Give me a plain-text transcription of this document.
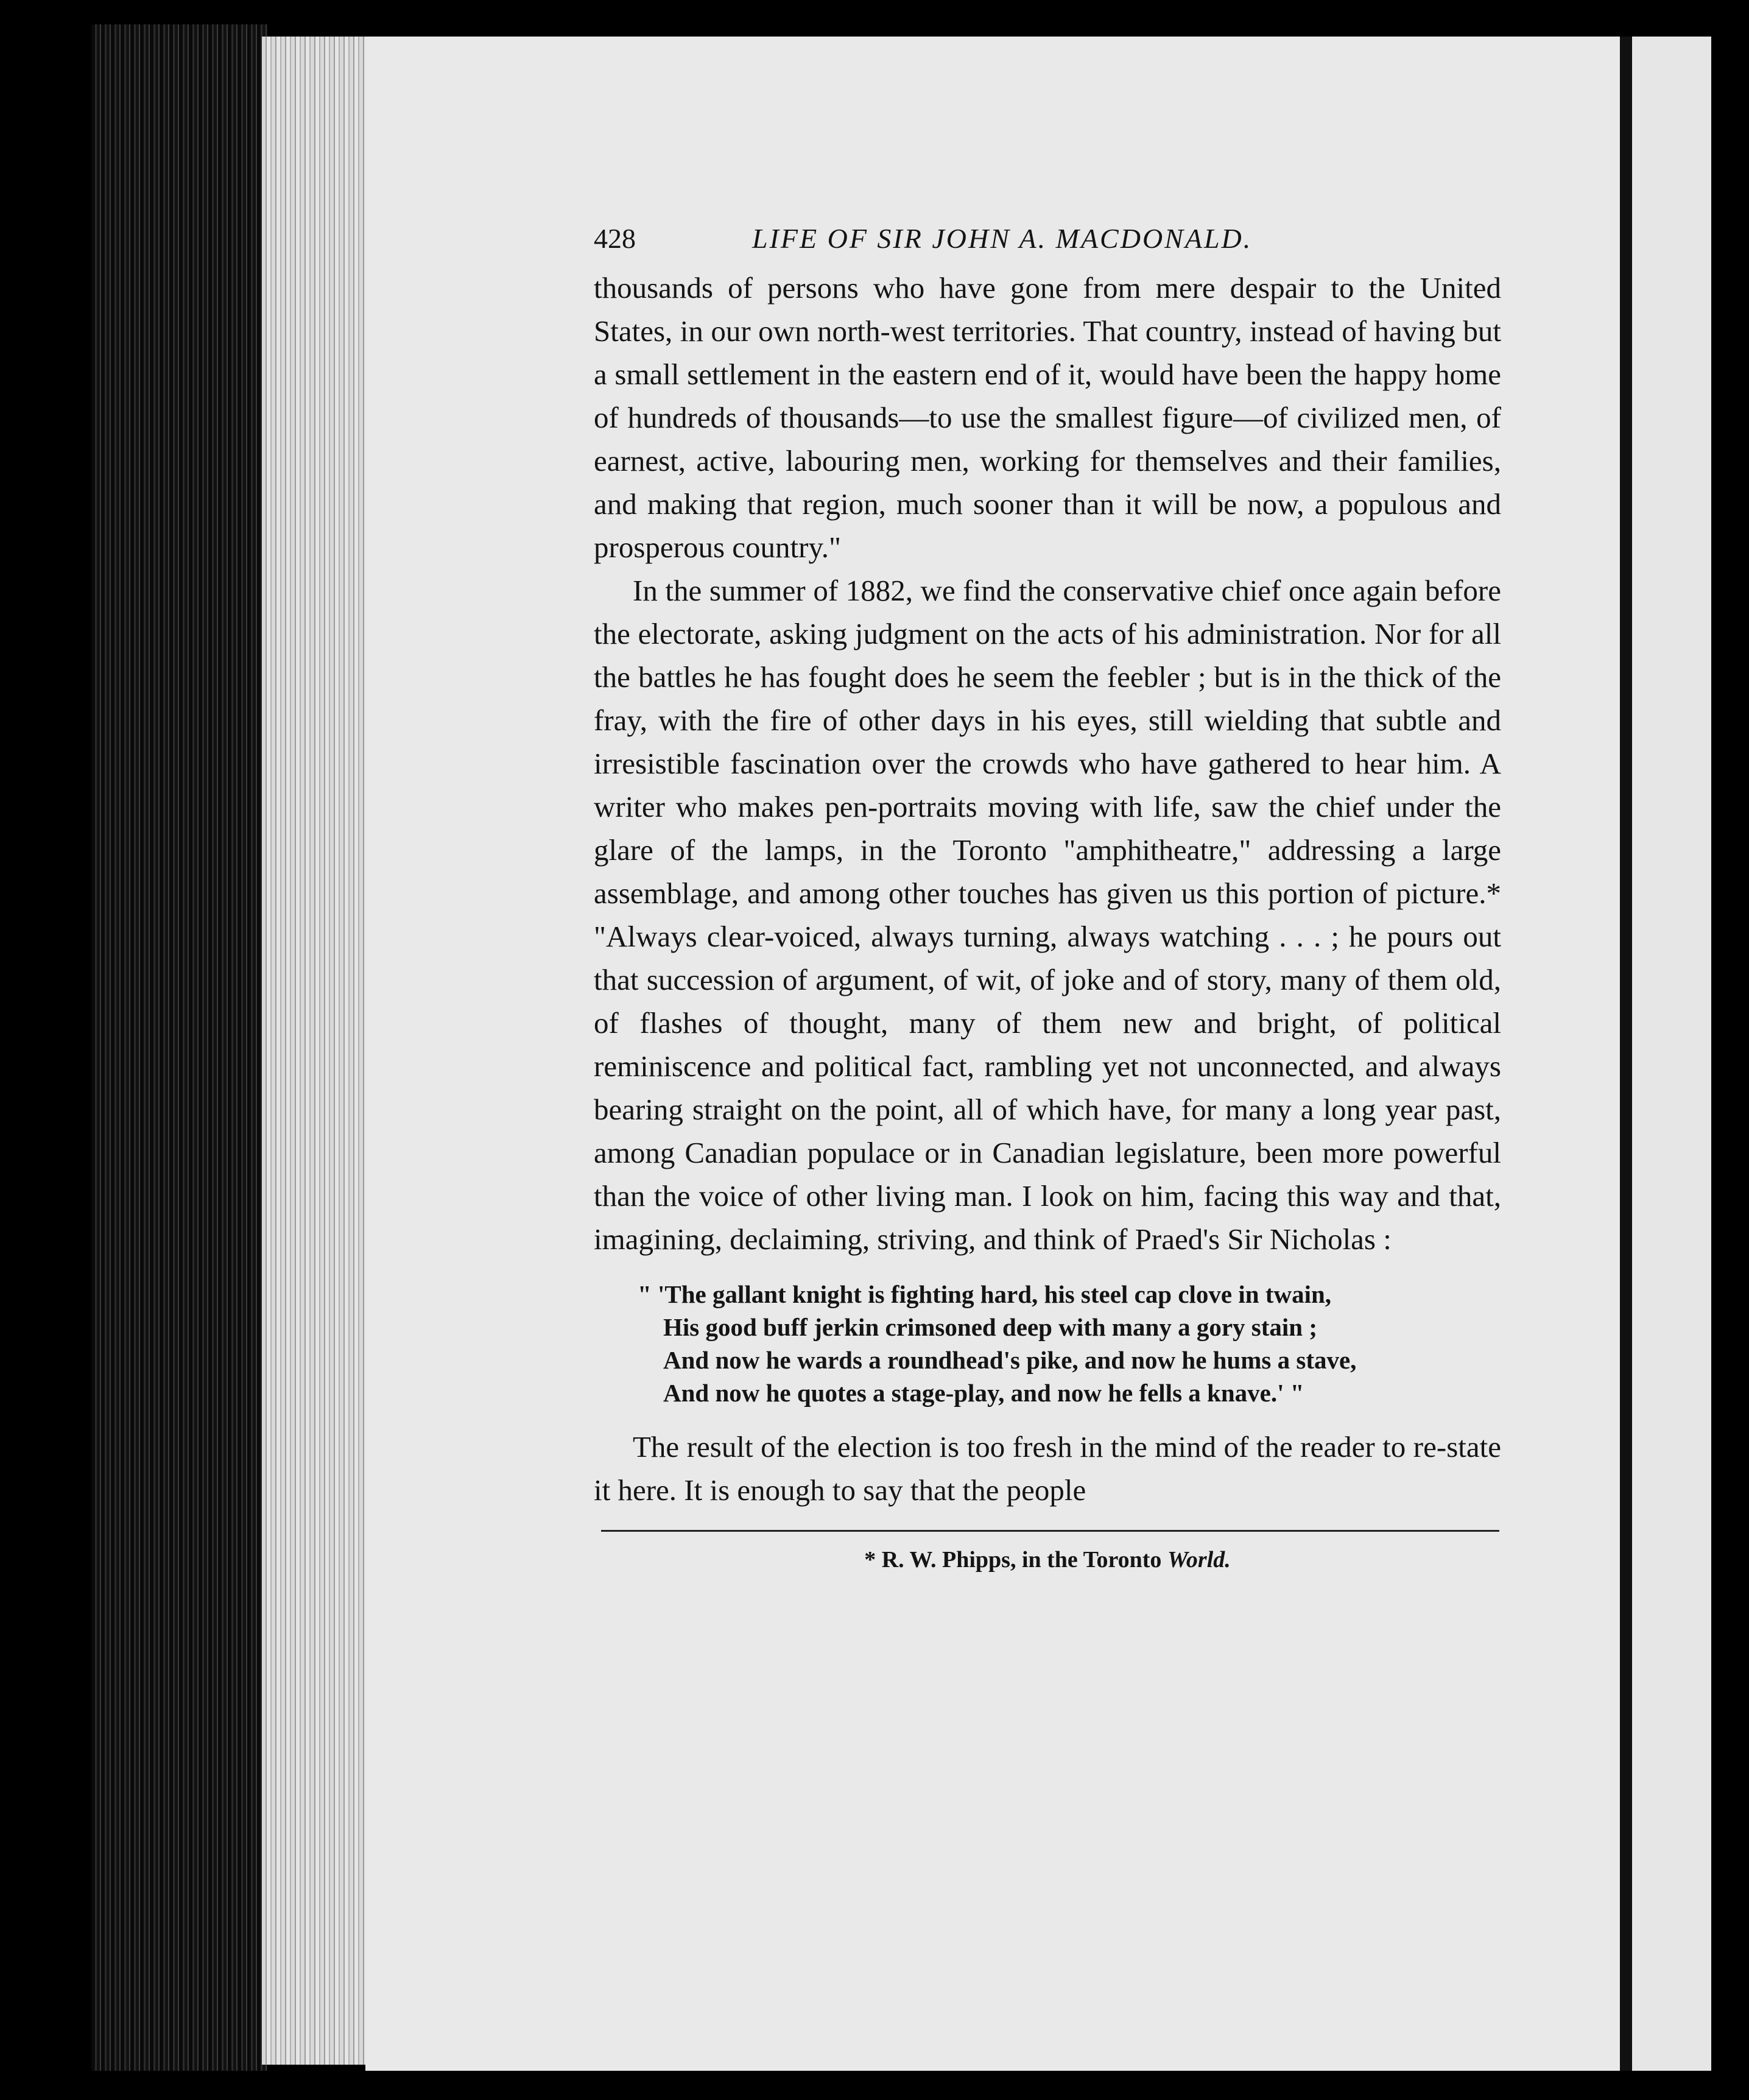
428	LIFE OF SIR JOHN A. MACDONALD.

thousands of persons who have gone from mere despair to the United States, in our own north-west territories. That country, instead of having but a small settlement in the eastern end of it, would have been the happy home of hundreds of thousands—to use the smallest figure—of civilized men, of earnest, active, labouring men, working for themselves and their families, and making that region, much sooner than it will be now, a populous and prosperous country."

In the summer of 1882, we find the conservative chief once again before the electorate, asking judgment on the acts of his administration. Nor for all the battles he has fought does he seem the feebler ; but is in the thick of the fray, with the fire of other days in his eyes, still wielding that subtle and irresistible fascination over the crowds who have gathered to hear him. A writer who makes pen-portraits moving with life, saw the chief under the glare of the lamps, in the Toronto "amphitheatre," addressing a large assemblage, and among other touches has given us this portion of picture.* "Always clear-voiced, always turning, always watching . . . ; he pours out that succession of argument, of wit, of joke and of story, many of them old, of flashes of thought, many of them new and bright, of political reminiscence and political fact, rambling yet not unconnected, and always bearing straight on the point, all of which have, for many a long year past, among Canadian populace or in Canadian legislature, been more powerful than the voice of other living man. I look on him, facing this way and that, imagining, declaiming, striving, and think of Praed's Sir Nicholas :

" 'The gallant knight is fighting hard, his steel cap clove in twain,
His good buff jerkin crimsoned deep with many a gory stain ;
And now he wards a roundhead's pike, and now he hums a stave,
And now he quotes a stage-play, and now he fells a knave.' "

The result of the election is too fresh in the mind of the reader to re-state it here. It is enough to say that the people

* R. W. Phipps, in the Toronto World.
